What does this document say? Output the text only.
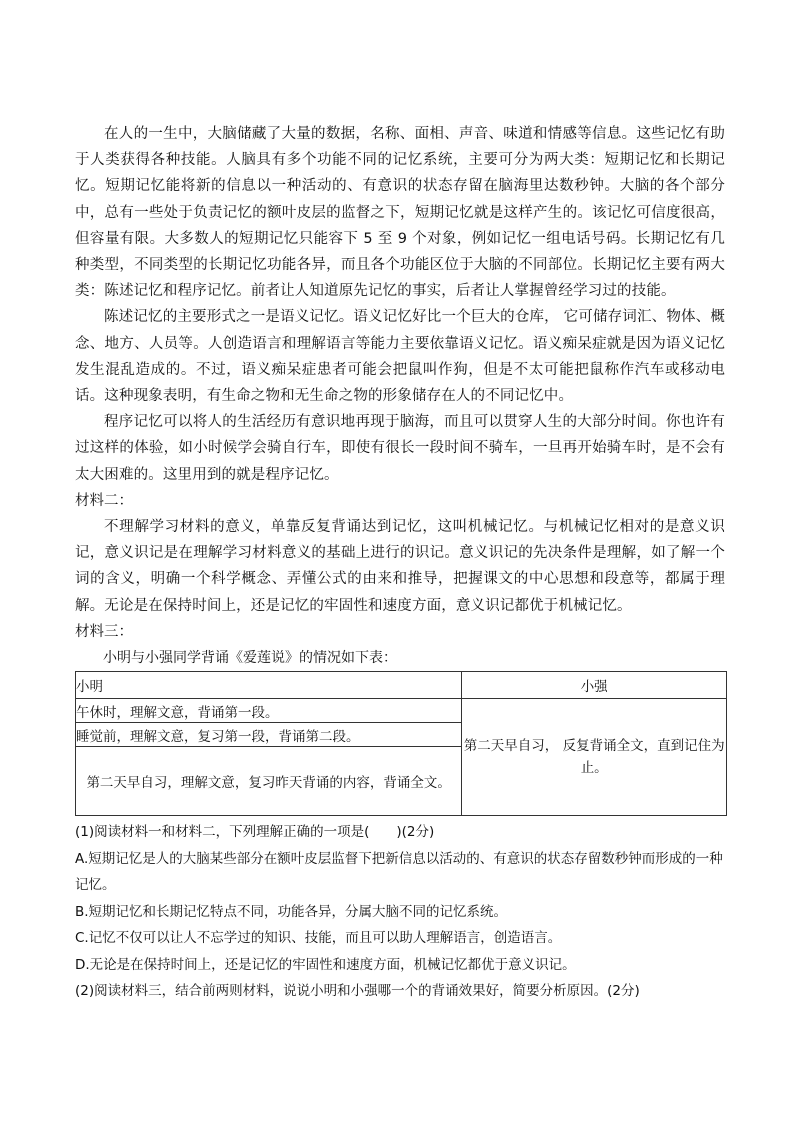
在人的一生中，大脑储藏了大量的数据，名称、面相、声音、味道和情感等信息。这些记忆有助于人类获得各种技能。人脑具有多个功能不同的记忆系统，主要可分为两大类：短期记忆和长期记忆。短期记忆能将新的信息以一种活动的、有意识的状态存留在脑海里达数秒钟。大脑的各个部分中，总有一些处于负责记忆的额叶皮层的监督之下，短期记忆就是这样产生的。该记忆可信度很高，但容量有限。大多数人的短期记忆只能容下 5 至 9 个对象，例如记忆一组电话号码。长期记忆有几种类型，不同类型的长期记忆功能各异，而且各个功能区位于大脑的不同部位。长期记忆主要有两大类：陈述记忆和程序记忆。前者让人知道原先记忆的事实，后者让人掌握曾经学习过的技能。

陈述记忆的主要形式之一是语义记忆。语义记忆好比一个巨大的仓库， 它可储存词汇、物体、概念、地方、人员等。人创造语言和理解语言等能力主要依靠语义记忆。语义痴呆症就是因为语义记忆发生混乱造成的。不过，语义痴呆症患者可能会把鼠叫作狗，但是不太可能把鼠称作汽车或移动电话。这种现象表明，有生命之物和无生命之物的形象储存在人的不同记忆中。

程序记忆可以将人的生活经历有意识地再现于脑海，而且可以贯穿人生的大部分时间。你也许有过这样的体验，如小时候学会骑自行车，即使有很长一段时间不骑车，一旦再开始骑车时，是不会有太大困难的。这里用到的就是程序记忆。

材料二：

不理解学习材料的意义，单靠反复背诵达到记忆，这叫机械记忆。与机械记忆相对的是意义识记，意义识记是在理解学习材料意义的基础上进行的识记。意义识记的先决条件是理解，如了解一个词的含义，明确一个科学概念、弄懂公式的由来和推导，把握课文的中心思想和段意等，都属于理解。无论是在保持时间上，还是记忆的牢固性和速度方面，意义识记都优于机械记忆。

材料三：

小明与小强同学背诵《爱莲说》的情况如下表：

小明	小强
午休时，理解文意，背诵第一段。	第二天早自习， 反复背诵全文，直到记住为止。
睡觉前，理解文意，复习第一段，背诵第二段。	
第二天早自习，理解文意，复习昨天背诵的内容，背诵全文。	

(1)阅读材料一和材料二，下列理解正确的一项是(　　)(2分)

A.短期记忆是人的大脑某些部分在额叶皮层监督下把新信息以活动的、有意识的状态存留数秒钟而形成的一种记忆。

B.短期记忆和长期记忆特点不同，功能各异，分属大脑不同的记忆系统。

C.记忆不仅可以让人不忘学过的知识、技能，而且可以助人理解语言，创造语言。

D.无论是在保持时间上，还是记忆的牢固性和速度方面，机械记忆都优于意义识记。

(2)阅读材料三，结合前两则材料，说说小明和小强哪一个的背诵效果好，简要分析原因。(2分)
